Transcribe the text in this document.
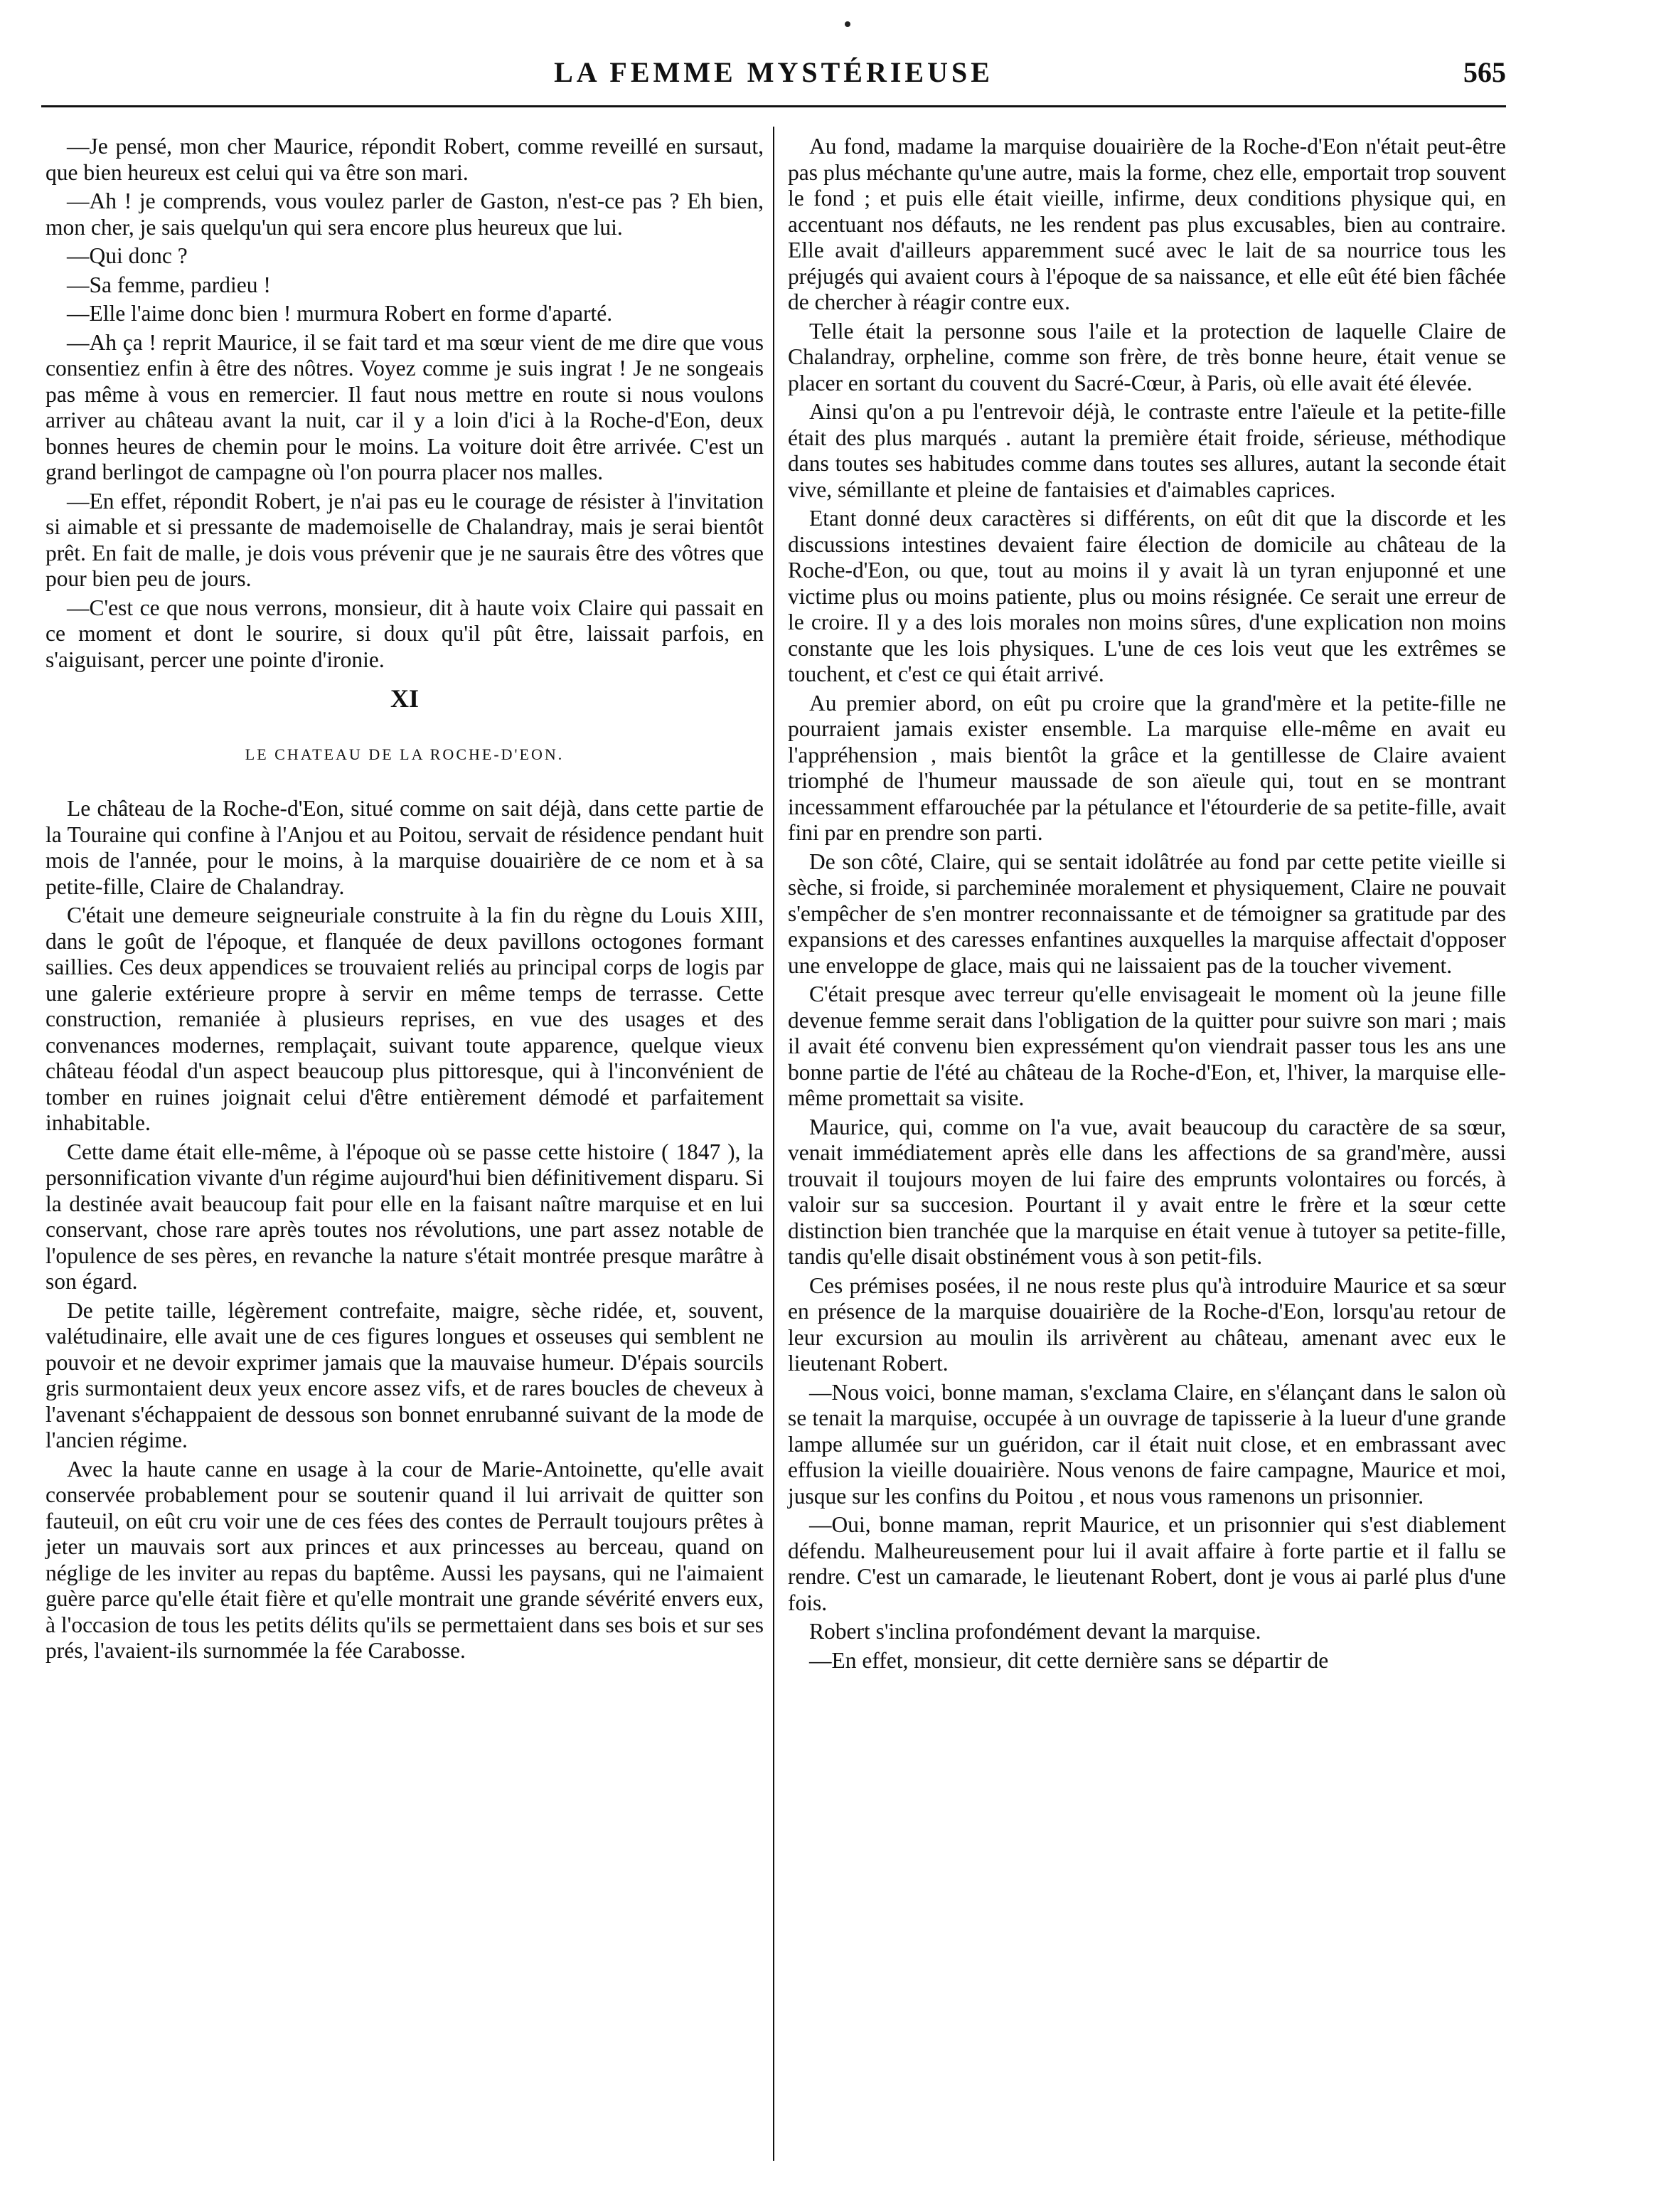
LA FEMME MYSTÉRIEUSE	565

—Je pensé, mon cher Maurice, répondit Robert, comme reveillé en sursaut, que bien heureux est celui qui va être son mari.

—Ah ! je comprends, vous voulez parler de Gaston, n'est-ce pas ? Eh bien, mon cher, je sais quelqu'un qui sera encore plus heureux que lui.

—Qui donc ?

—Sa femme, pardieu !

—Elle l'aime donc bien ! murmura Robert en forme d'aparté.

—Ah ça ! reprit Maurice, il se fait tard et ma sœur vient de me dire que vous consentiez enfin à être des nôtres. Voyez comme je suis ingrat ! Je ne songeais pas même à vous en remercier. Il faut nous mettre en route si nous voulons arriver au château avant la nuit, car il y a loin d'ici à la Roche-d'Eon, deux bonnes heures de chemin pour le moins. La voiture doit être arrivée. C'est un grand berlingot de campagne où l'on pourra placer nos malles.

—En effet, répondit Robert, je n'ai pas eu le courage de résister à l'invitation si aimable et si pressante de mademoiselle de Chalandray, mais je serai bientôt prêt. En fait de malle, je dois vous prévenir que je ne saurais être des vôtres que pour bien peu de jours.

—C'est ce que nous verrons, monsieur, dit à haute voix Claire qui passait en ce moment et dont le sourire, si doux qu'il pût être, laissait parfois, en s'aiguisant, percer une pointe d'ironie.

XI

LE CHATEAU DE LA ROCHE-D'EON.

Le château de la Roche-d'Eon, situé comme on sait déjà, dans cette partie de la Touraine qui confine à l'Anjou et au Poitou, servait de résidence pendant huit mois de l'année, pour le moins, à la marquise douairière de ce nom et à sa petite-fille, Claire de Chalandray.

C'était une demeure seigneuriale construite à la fin du règne du Louis XIII, dans le goût de l'époque, et flanquée de deux pavillons octogones formant saillies. Ces deux appendices se trouvaient reliés au principal corps de logis par une galerie extérieure propre à servir en même temps de terrasse. Cette construction, remaniée à plusieurs reprises, en vue des usages et des convenances modernes, remplaçait, suivant toute apparence, quelque vieux château féodal d'un aspect beaucoup plus pittoresque, qui à l'inconvénient de tomber en ruines joignait celui d'être entièrement démodé et parfaitement inhabitable.

Cette dame était elle-même, à l'époque où se passe cette histoire ( 1847 ), la personnification vivante d'un régime aujourd'hui bien définitivement disparu. Si la destinée avait beaucoup fait pour elle en la faisant naître marquise et en lui conservant, chose rare après toutes nos révolutions, une part assez notable de l'opulence de ses pères, en revanche la nature s'était montrée presque marâtre à son égard.

De petite taille, légèrement contrefaite, maigre, sèche ridée, et, souvent, valétudinaire, elle avait une de ces figures longues et osseuses qui semblent ne pouvoir et ne devoir exprimer jamais que la mauvaise humeur. D'épais sourcils gris surmontaient deux yeux encore assez vifs, et de rares boucles de cheveux à l'avenant s'échappaient de dessous son bonnet enrubanné suivant de la mode de l'ancien régime.

Avec la haute canne en usage à la cour de Marie-Antoinette, qu'elle avait conservée probablement pour se soutenir quand il lui arrivait de quitter son fauteuil, on eût cru voir une de ces fées des contes de Perrault toujours prêtes à jeter un mauvais sort aux princes et aux princesses au berceau, quand on néglige de les inviter au repas du baptême. Aussi les paysans, qui ne l'aimaient guère parce qu'elle était fière et qu'elle montrait une grande sévérité envers eux, à l'occasion de tous les petits délits qu'ils se permettaient dans ses bois et sur ses prés, l'avaient-ils surnommée la fée Carabosse.

Au fond, madame la marquise douairière de la Roche-d'Eon n'était peut-être pas plus méchante qu'une autre, mais la forme, chez elle, emportait trop souvent le fond ; et puis elle était vieille, infirme, deux conditions physique qui, en accentuant nos défauts, ne les rendent pas plus excusables, bien au contraire. Elle avait d'ailleurs apparemment sucé avec le lait de sa nourrice tous les préjugés qui avaient cours à l'époque de sa naissance, et elle eût été bien fâchée de chercher à réagir contre eux.

Telle était la personne sous l'aile et la protection de laquelle Claire de Chalandray, orpheline, comme son frère, de très bonne heure, était venue se placer en sortant du couvent du Sacré-Cœur, à Paris, où elle avait été élevée.

Ainsi qu'on a pu l'entrevoir déjà, le contraste entre l'aïeule et la petite-fille était des plus marqués . autant la première était froide, sérieuse, méthodique dans toutes ses habitudes comme dans toutes ses allures, autant la seconde était vive, sémillante et pleine de fantaisies et d'aimables caprices.

Etant donné deux caractères si différents, on eût dit que la discorde et les discussions intestines devaient faire élection de domicile au château de la Roche-d'Eon, ou que, tout au moins il y avait là un tyran enjuponné et une victime plus ou moins patiente, plus ou moins résignée. Ce serait une erreur de le croire. Il y a des lois morales non moins sûres, d'une explication non moins constante que les lois physiques. L'une de ces lois veut que les extrêmes se touchent, et c'est ce qui était arrivé.

Au premier abord, on eût pu croire que la grand'mère et la petite-fille ne pourraient jamais exister ensemble. La marquise elle-même en avait eu l'appréhension , mais bientôt la grâce et la gentillesse de Claire avaient triomphé de l'humeur maussade de son aïeule qui, tout en se montrant incessamment effarouchée par la pétulance et l'étourderie de sa petite-fille, avait fini par en prendre son parti.

De son côté, Claire, qui se sentait idolâtrée au fond par cette petite vieille si sèche, si froide, si parcheminée moralement et physiquement, Claire ne pouvait s'empêcher de s'en montrer reconnaissante et de témoigner sa gratitude par des expansions et des caresses enfantines auxquelles la marquise affectait d'opposer une enveloppe de glace, mais qui ne laissaient pas de la toucher vivement.

C'était presque avec terreur qu'elle envisageait le moment où la jeune fille devenue femme serait dans l'obligation de la quitter pour suivre son mari ; mais il avait été convenu bien expressément qu'on viendrait passer tous les ans une bonne partie de l'été au château de la Roche-d'Eon, et, l'hiver, la marquise elle-même promettait sa visite.

Maurice, qui, comme on l'a vue, avait beaucoup du caractère de sa sœur, venait immédiatement après elle dans les affections de sa grand'mère, aussi trouvait il toujours moyen de lui faire des emprunts volontaires ou forcés, à valoir sur sa succesion. Pourtant il y avait entre le frère et la sœur cette distinction bien tranchée que la marquise en était venue à tutoyer sa petite-fille, tandis qu'elle disait obstinément vous à son petit-fils.

Ces prémises posées, il ne nous reste plus qu'à introduire Maurice et sa sœur en présence de la marquise douairière de la Roche-d'Eon, lorsqu'au retour de leur excursion au moulin ils arrivèrent au château, amenant avec eux le lieutenant Robert.

—Nous voici, bonne maman, s'exclama Claire, en s'élançant dans le salon où se tenait la marquise, occupée à un ouvrage de tapisserie à la lueur d'une grande lampe allumée sur un guéridon, car il était nuit close, et en embrassant avec effusion la vieille douairière. Nous venons de faire campagne, Maurice et moi, jusque sur les confins du Poitou , et nous vous ramenons un prisonnier.

—Oui, bonne maman, reprit Maurice, et un prisonnier qui s'est diablement défendu. Malheureusement pour lui il avait affaire à forte partie et il fallu se rendre. C'est un camarade, le lieutenant Robert, dont je vous ai parlé plus d'une fois.

Robert s'inclina profondément devant la marquise.

—En effet, monsieur, dit cette dernière sans se départir de
